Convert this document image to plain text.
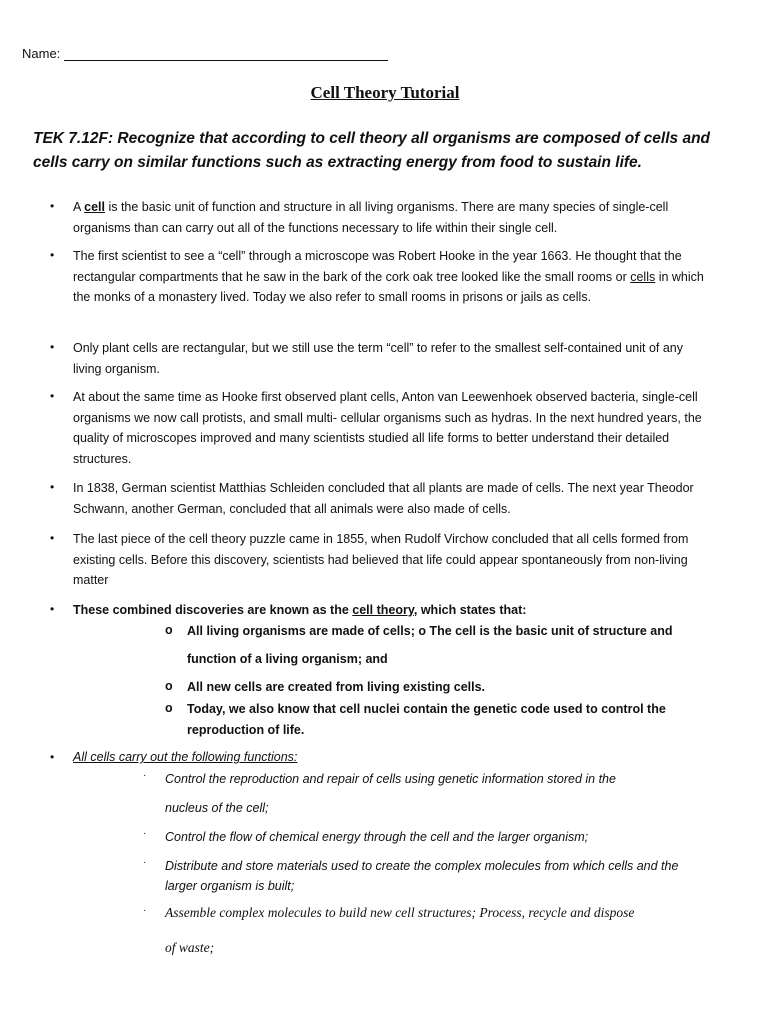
Name:
Cell Theory Tutorial
TEK 7.12F: Recognize that according to cell theory all organisms are composed of cells and cells carry on similar functions such as extracting energy from food to sustain life.
• A cell is the basic unit of function and structure in all living organisms. There are many species of single-cell organisms than can carry out all of the functions necessary to life within their single cell.
• The first scientist to see a “cell” through a microscope was Robert Hooke in the year 1663. He thought that the rectangular compartments that he saw in the bark of the cork oak tree looked like the small rooms or cells in which the monks of a monastery lived. Today we also refer to small rooms in prisons or jails as cells.
• Only plant cells are rectangular, but we still use the term “cell” to refer to the smallest self-contained unit of any living organism.
• At about the same time as Hooke first observed plant cells, Anton van Leewenhoek observed bacteria, single-cell organisms we now call protists, and small multi- cellular organisms such as hydras. In the next hundred years, the quality of microscopes improved and many scientists studied all life forms to better understand their detailed structures.
• In 1838, German scientist Matthias Schleiden concluded that all plants are made of cells. The next year Theodor Schwann, another German, concluded that all animals were also made of cells.
• The last piece of the cell theory puzzle came in 1855, when Rudolf Virchow concluded that all cells formed from existing cells. Before this discovery, scientists had believed that life could appear spontaneously from non-living matter
• These combined discoveries are known as the cell theory, which states that:
o All living organisms are made of cells; o The cell is the basic unit of structure and
function of a living organism; and
o All new cells are created from living existing cells.
o Today, we also know that cell nuclei contain the genetic code used to control the reproduction of life.
• All cells carry out the following functions:
· Control the reproduction and repair of cells using genetic information stored in the
nucleus of the cell;
· Control the flow of chemical energy through the cell and the larger organism;
· Distribute and store materials used to create the complex molecules from which cells and the larger organism is built;
· Assemble complex molecules to build new cell structures; Process, recycle and dispose
of waste;
